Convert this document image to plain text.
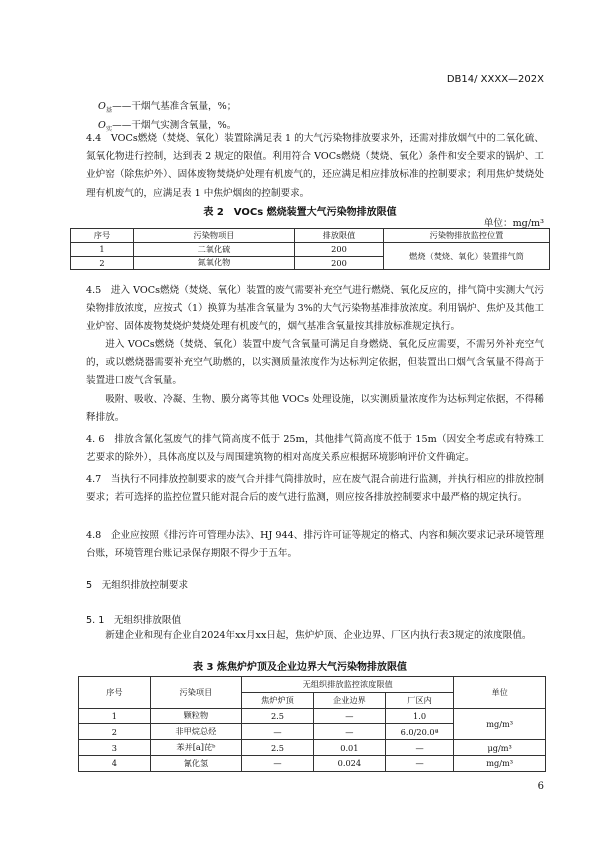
DB14/ XXXX—202X
$O_基——$干烟气基准含氧量，%；
$O_实——$干烟气实测含氧量，%。
4.4　VOCs燃烧（焚烧、氧化）装置除满足表 1 的大气污染物排放要求外，还需对排放烟气中的二氧化硫、氮氧化物进行控制，达到表 2 规定的限值。利用符合 VOCs燃烧（焚烧、氧化）条件和安全要求的锅炉、工业炉窑（除焦炉外）、固体废物焚烧炉处理有机废气的，还应满足相应排放标准的控制要求；利用焦炉焚烧处理有机废气的，应满足表 1 中焦炉烟囱的控制要求。
表 2　VOCs 燃烧装置大气污染物排放限值
单位：mg/m³
序号	污染物项目	排放限值	污染物排放监控位置
1	二氧化硫	200	燃烧（焚烧、氧化）装置排气筒
2	氮氧化物	200	
4.5　进入 VOCs燃烧（焚烧、氧化）装置的废气需要补充空气进行燃烧、氧化反应的，排气筒中实测大气污染物排放浓度，应按式（1）换算为基准含氧量为 3%的大气污染物基准排放浓度。利用锅炉、焦炉及其他工业炉窑、固体废物焚烧炉焚烧处理有机废气的，烟气基准含氧量按其排放标准规定执行。
进入 VOCs燃烧（焚烧、氧化）装置中废气含氧量可满足自身燃烧、氧化反应需要，不需另外补充空气的，或以燃烧器需要补充空气助燃的，以实测质量浓度作为达标判定依据，但装置出口烟气含氧量不得高于装置进口废气含氧量。
吸附、吸收、冷凝、生物、膜分离等其他 VOCs 处理设施，以实测质量浓度作为达标判定依据，不得稀释排放。
4. 6　排放含氰化氢废气的排气筒高度不低于 25m，其他排气筒高度不低于 15m（因安全考虑或有特殊工艺要求的除外），具体高度以及与周围建筑物的相对高度关系应根据环境影响评价文件确定。
4.7　当执行不同排放控制要求的废气合并排气筒排放时，应在废气混合前进行监测，并执行相应的排放控制要求；若可选择的监控位置只能对混合后的废气进行监测，则应按各排放控制要求中最严格的规定执行。
4.8　企业应按照《排污许可管理办法》、HJ 944、排污许可证等规定的格式、内容和频次要求记录环境管理台账，环境管理台账记录保存期限不得少于五年。
5　无组织排放控制要求
5. 1　无组织排放限值
新建企业和现有企业自2024年xx月xx日起，焦炉炉顶、企业边界、厂区内执行表3规定的浓度限值。
表 3 炼焦炉炉顶及企业边界大气污染物排放限值
序号	污染项目	无组织排放监控浓度限值			单位
		焦炉炉顶	企业边界	厂区内	
1	颗粒物	2.5	—	1.0	mg/m³
2	非甲烷总烃	—	—	6.0/20.0ª	
3	苯并[a]芘ᵇ	2.5	0.01	—	μg/m³
4	氰化氢	—	0.024	—	mg/m³
6
